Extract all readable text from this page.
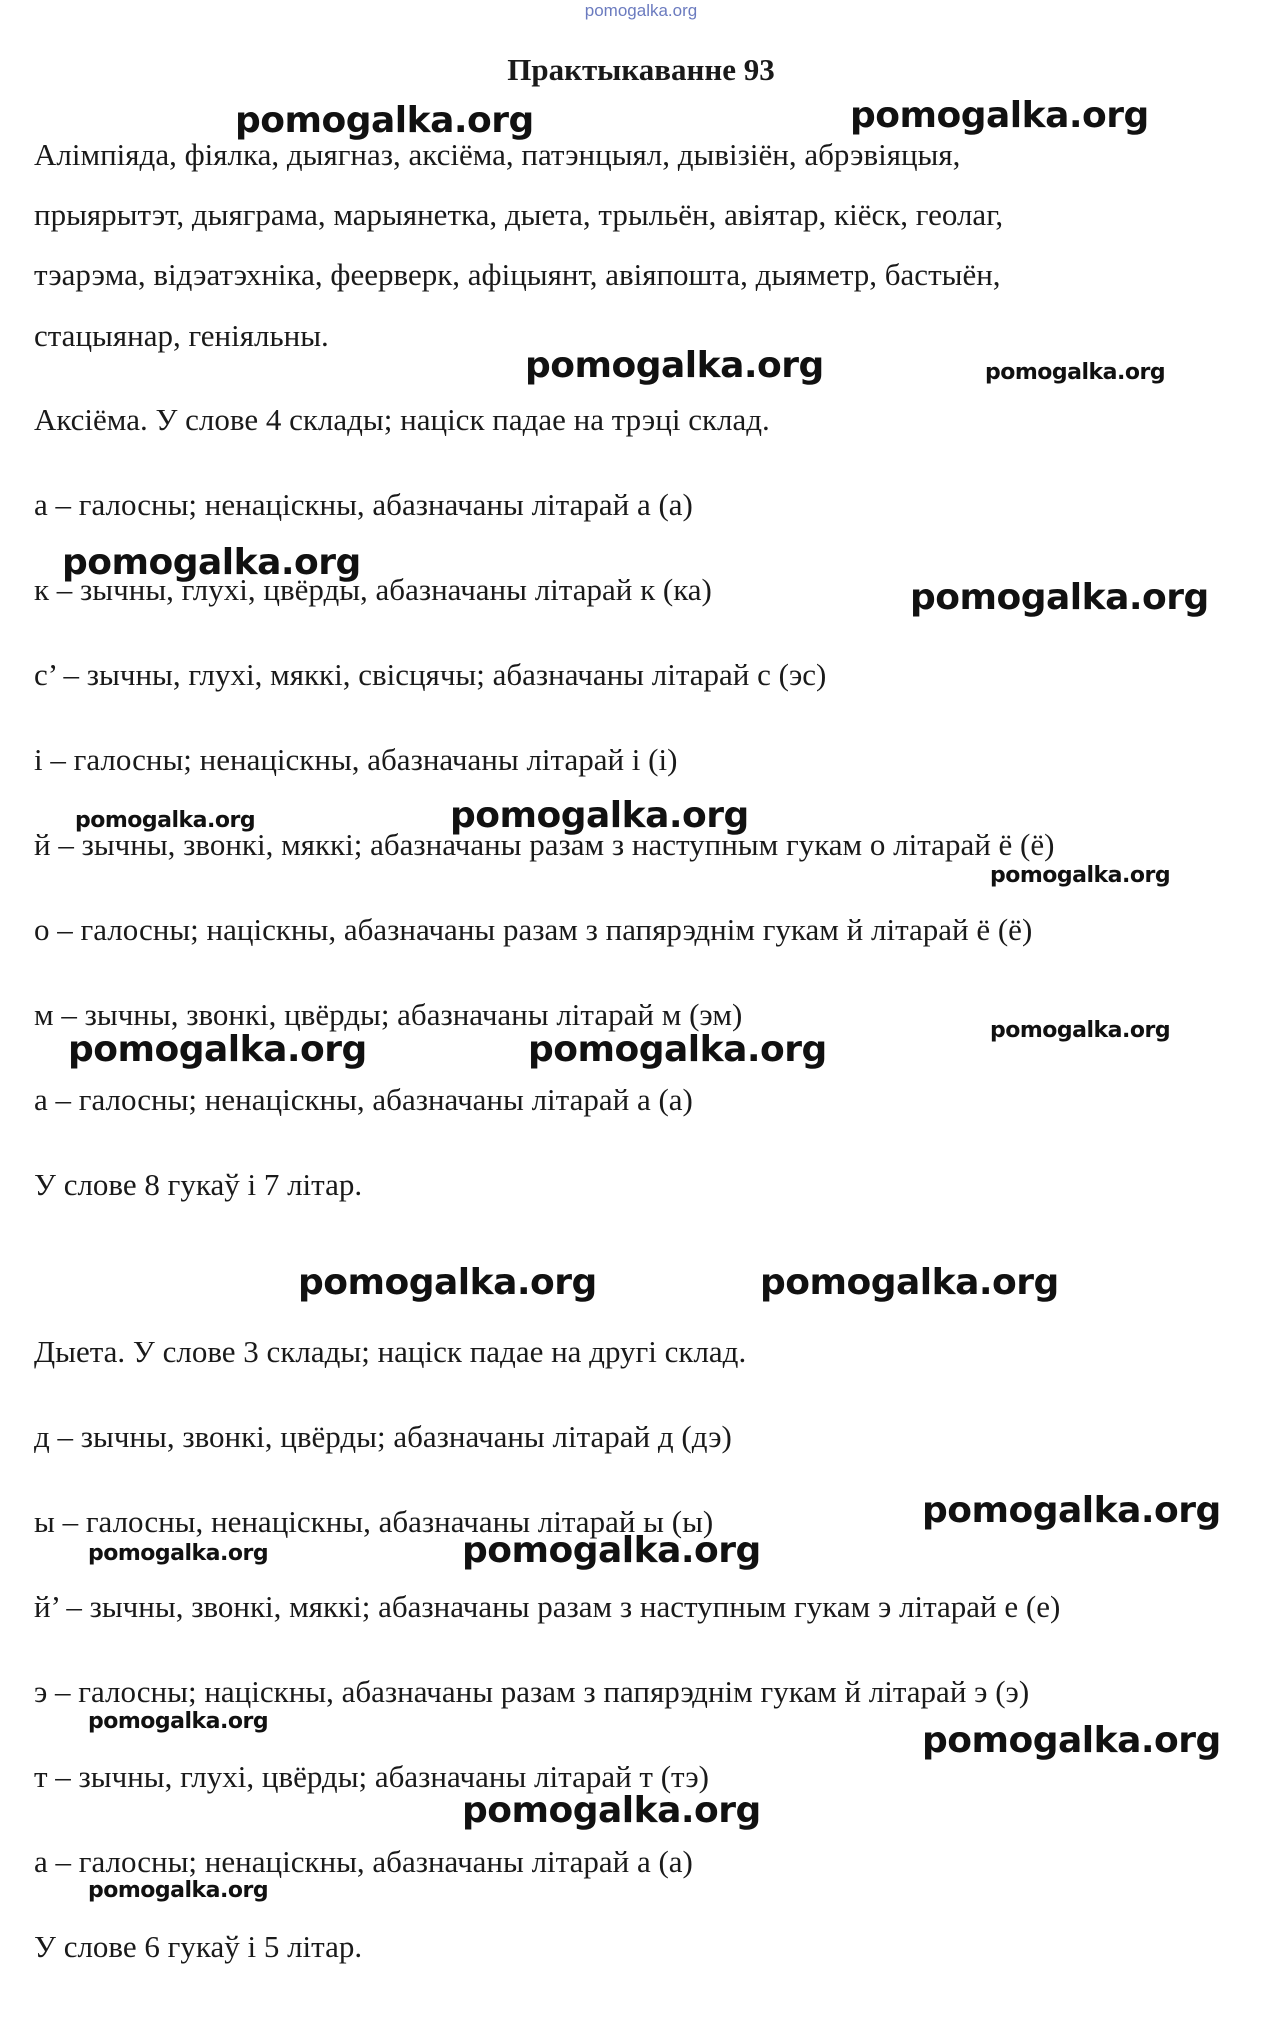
pomogalka.org
Практыкаванне 93
Алімпіяда, фіялка, дыягназ, аксіёма, патэнцыял, дывізіён, абрэвіяцыя,
прыярытэт, дыяграма, марыянетка, дыета, трыльён, авіятар, кіёск, геолаг,
тэарэма, відэатэхніка, феерверк, афіцыянт, авіяпошта, дыяметр, бастыён,
стацыянар, геніяльны.
Аксіёма. У слове 4 склады; націск падае на трэці склад.
а – галосны; ненаціскны, абазначаны літарай а (а)
к – зычны, глухі, цвёрды, абазначаны літарай к (ка)
с’ – зычны, глухі, мяккі, свісцячы; абазначаны літарай с (эс)
і – галосны; ненаціскны, абазначаны літарай і (і)
й – зычны, звонкі, мяккі; абазначаны разам з наступным гукам о літарай ё (ё)
о – галосны; націскны, абазначаны разам з папярэднім гукам й літарай ё (ё)
м – зычны, звонкі, цвёрды; абазначаны літарай м (эм)
а – галосны; ненаціскны, абазначаны літарай а (а)
У слове 8 гукаў і 7 літар.
Дыета. У слове 3 склады; націск падае на другі склад.
д – зычны, звонкі, цвёрды; абазначаны літарай д (дэ)
ы – галосны, ненаціскны, абазначаны літарай ы (ы)
й’ – зычны, звонкі, мяккі; абазначаны разам з наступным гукам э літарай е (е)
э – галосны; націскны, абазначаны разам з папярэднім гукам й літарай э (э)
т – зычны, глухі, цвёрды; абазначаны літарай т (тэ)
а – галосны; ненаціскны, абазначаны літарай а (а)
У слове 6 гукаў і 5 літар.
pomogalka.org	pomogalka.org
pomogalka.org	pomogalka.org
pomogalka.org
pomogalka.org
pomogalka.org	pomogalka.org
pomogalka.org
pomogalka.org	pomogalka.org	pomogalka.org
pomogalka.org	pomogalka.org
pomogalka.org
pomogalka.org	pomogalka.org
pomogalka.org	pomogalka.org
pomogalka.org
pomogalka.org
